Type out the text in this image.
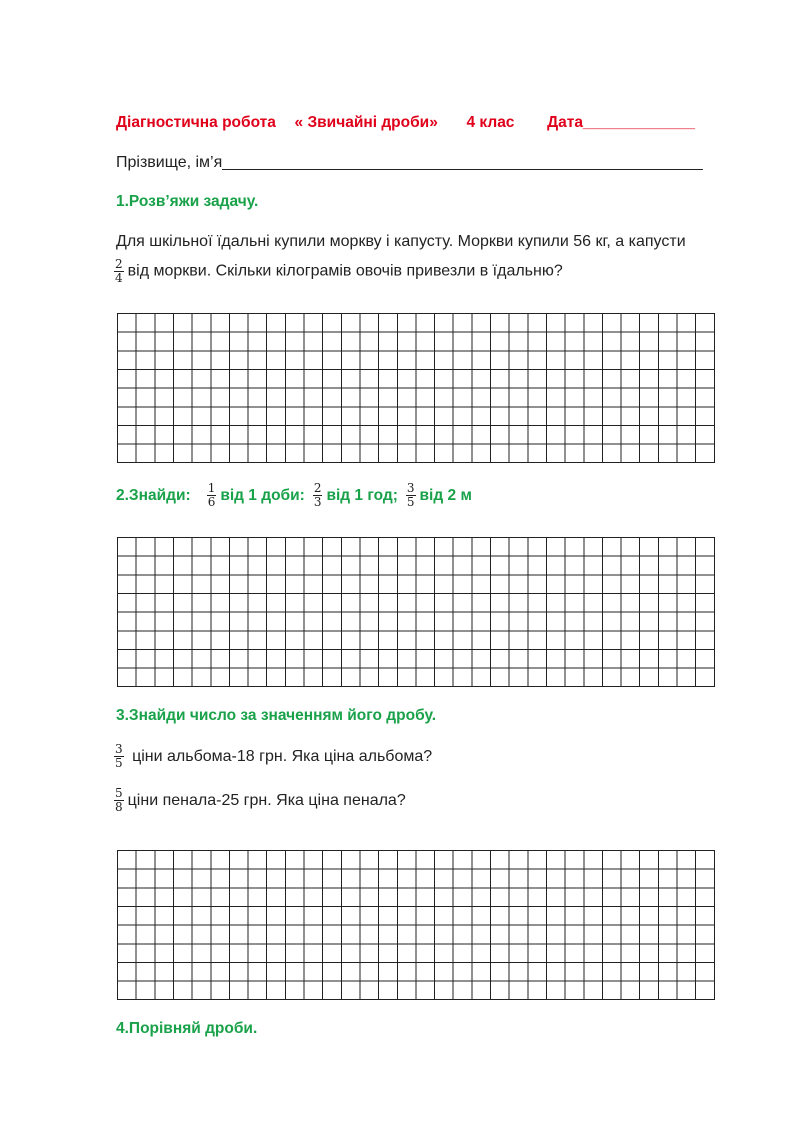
Діагностична робота « Звичайні дроби» 4 клас Дата_____________
Прізвище, ім’я______________________________________________________
1.Розв’яжи задачу.
Для шкільної їдальні купили моркву і капусту. Моркви купили 56 кг, а капусти
$\frac{2}{4}$ від моркви. Скільки кілограмів овочів привезли в їдальню?
2.Знайди: $\frac{1}{6}$ від 1 доби: $\frac{2}{3}$ від 1 год; $\frac{3}{5}$ від 2 м
3.Знайди число за значенням його дробу.
$\frac{3}{5}$ ціни альбома-18 грн. Яка ціна альбома?
$\frac{5}{8}$ ціни пенала-25 грн. Яка ціна пенала?
4.Порівняй дроби.
